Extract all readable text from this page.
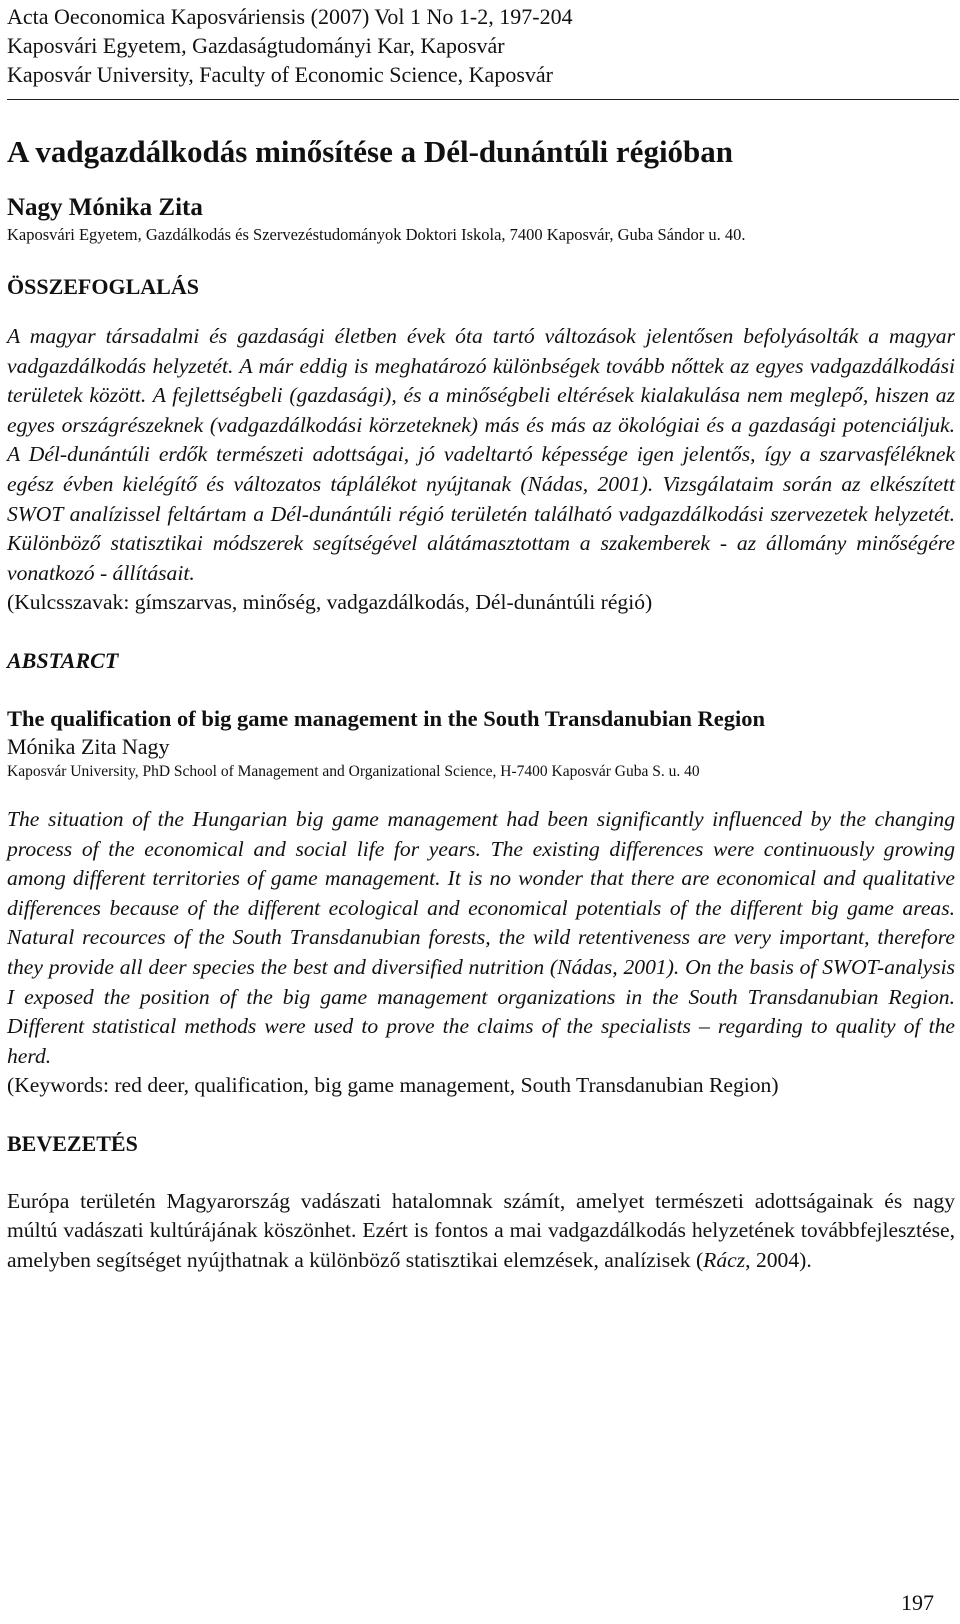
Acta Oeconomica Kaposváriensis (2007) Vol 1 No 1-2, 197-204
Kaposvári Egyetem, Gazdaságtudományi Kar, Kaposvár
Kaposvár University, Faculty of Economic Science, Kaposvár
A vadgazdálkodás minősítése a Dél-dunántúli régióban
Nagy Mónika Zita
Kaposvári Egyetem, Gazdálkodás és Szervezéstudományok Doktori Iskola, 7400 Kaposvár, Guba Sándor u. 40.
ÖSSZEFOGLALÁS

A magyar társadalmi és gazdasági életben évek óta tartó változások jelentősen befolyásolták a magyar vadgazdálkodás helyzetét. A már eddig is meghatározó különbségek tovább nőttek az egyes vadgazdálkodási területek között. A fejlettségbeli (gazdasági), és a minőségbeli eltérések kialakulása nem meglepő, hiszen az egyes országrészeknek (vadgazdálkodási körzeteknek) más és más az ökológiai és a gazdasági potenciáljuk. A Dél-dunántúli erdők természeti adottságai, jó vadeltartó képessége igen jelentős, így a szarvasféléknek egész évben kielégítő és változatos táplálékot nyújtanak (Nádas, 2001). Vizsgálataim során az elkészített SWOT analízissel feltártam a Dél-dunántúli régió területén található vadgazdálkodási szervezetek helyzetét. Különböző statisztikai módszerek segítségével alátámasztottam a szakemberek - az állomány minőségére vonatkozó - állításait.

(Kulcsszavak: gímszarvas, minőség, vadgazdálkodás, Dél-dunántúli régió)

ABSTARCT
The qualification of big game management in the South Transdanubian Region
Mónika Zita Nagy
Kaposvár University, PhD School of Management and Organizational Science, H-7400 Kaposvár Guba S. u. 40

The situation of the Hungarian big game management had been significantly influenced by the changing process of the economical and social life for years. The existing differences were continuously growing among different territories of game management. It is no wonder that there are economical and qualitative differences because of the different ecological and economical potentials of the different big game areas. Natural recources of the South Transdanubian forests, the wild retentiveness are very important, therefore they provide all deer species the best and diversified nutrition (Nádas, 2001). On the basis of SWOT-analysis I exposed the position of the big game management organizations in the South Transdanubian Region. Different statistical methods were used to prove the claims of the specialists – regarding to quality of the herd.

(Keywords: red deer, qualification, big game management, South Transdanubian Region)

BEVEZETÉS

Európa területén Magyarország vadászati hatalomnak számít, amelyet természeti adottságainak és nagy múltú vadászati kultúrájának köszönhet. Ezért is fontos a mai vadgazdálkodás helyzetének továbbfejlesztése, amelyben segítséget nyújthatnak a különböző statisztikai elemzések, analízisek (Rácz, 2004).

197
